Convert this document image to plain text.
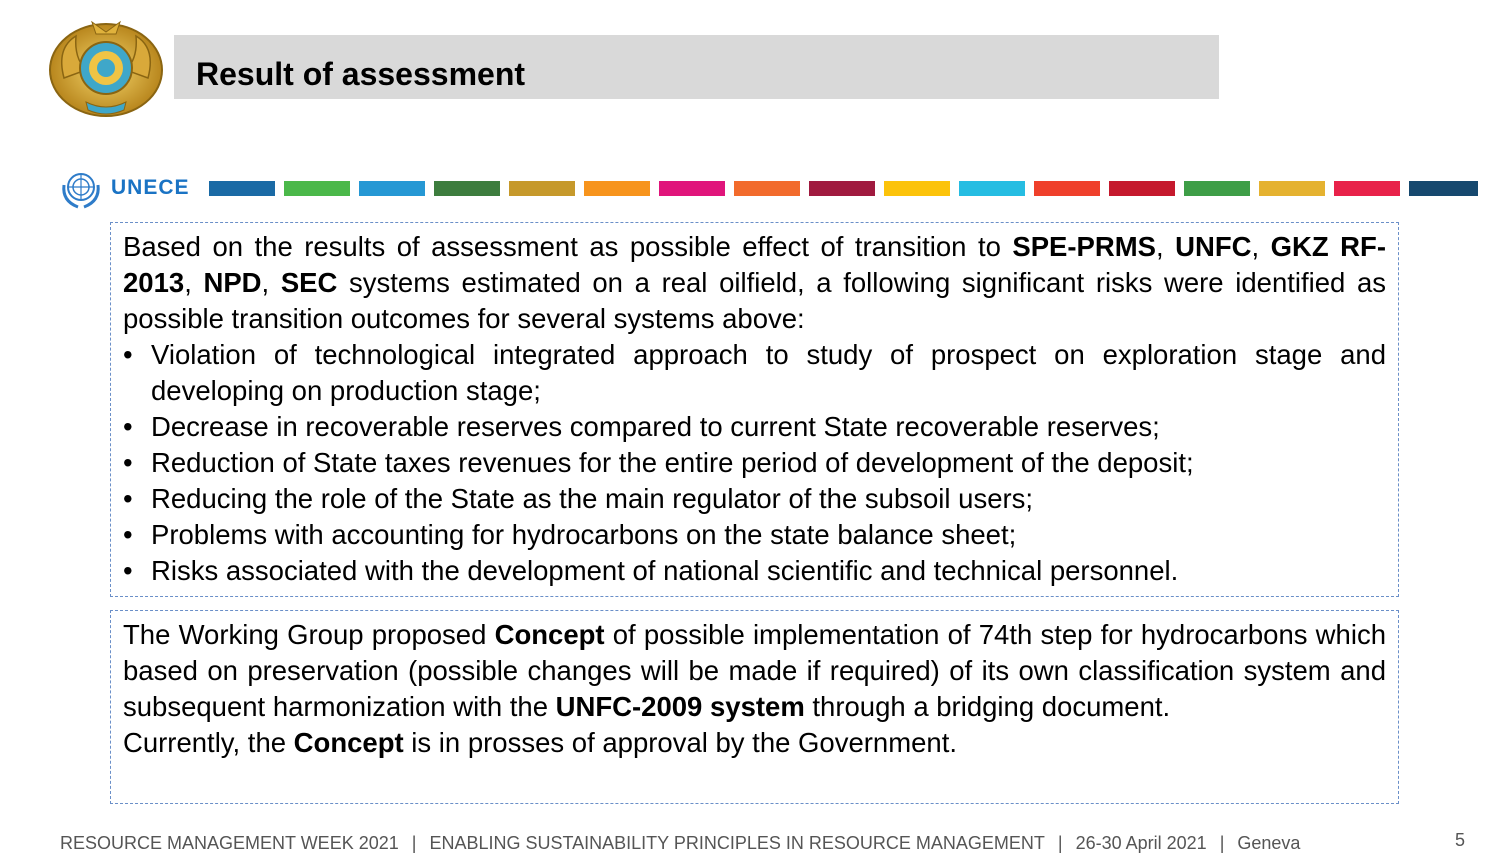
Result of assessment
UNECE

Based on the results of assessment as possible effect of transition to SPE-PRMS, UNFC, GKZ RF-2013, NPD, SEC systems estimated on a real oilfield, a following significant risks were identified as possible transition outcomes for several systems above:

• Violation of technological integrated approach to study of prospect on exploration stage and developing on production stage;
• Decrease in recoverable reserves compared to current State recoverable reserves;
• Reduction of State taxes revenues for the entire period of development of the deposit;
• Reducing the role of the State as the main regulator of the subsoil users;
• Problems with accounting for hydrocarbons on the state balance sheet;
• Risks associated with the development of national scientific and technical personnel.

The Working Group proposed Concept of possible implementation of 74th step for hydrocarbons which based on preservation (possible changes will be made if required) of its own classification system and subsequent harmonization with the UNFC-2009 system through a bridging document.

Currently, the Concept is in prosses of approval by the Government.

RESOURCE MANAGEMENT WEEK 2021 | ENABLING SUSTAINABILITY PRINCIPLES IN RESOURCE MANAGEMENT | 26-30 April 2021 | Geneva	5
